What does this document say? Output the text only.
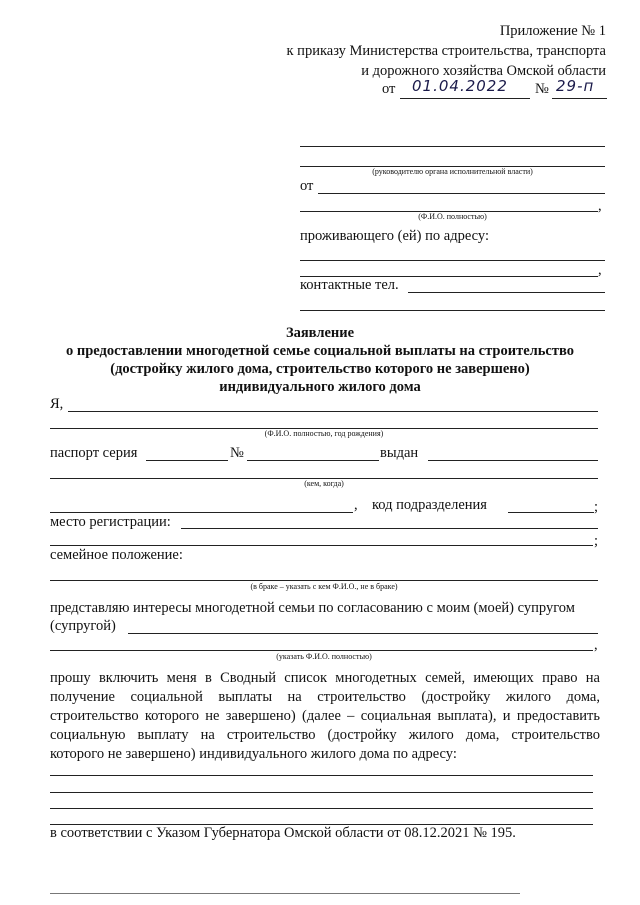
Приложение № 1
к приказу Министерства строительства, транспорта
и дорожного хозяйства Омской области
от 01.04.2022 № 29-п
(руководителю органа исполнительной власти)
от
,
(Ф.И.О. полностью)
проживающего (ей) по адресу:
,
контактные тел.
Заявление
о предоставлении многодетной семье социальной выплаты на строительство
(достройку жилого дома, строительство которого не завершено)
индивидуального жилого дома
Я,
(Ф.И.О. полностью, год рождения)
паспорт серия	№	выдан
(кем, когда)
, код подразделения	;
место регистрации:
;
семейное положение:
(в браке – указать с кем Ф.И.О., не в браке)
представляю интересы многодетной семьи по согласованию с моим (моей) супругом
(супругой)
,
(указать Ф.И.О. полностью)
прошу включить меня в Сводный список многодетных семей, имеющих право на
получение социальной выплаты на строительство (достройку жилого дома,
строительство которого не завершено) (далее – социальная выплата), и предоставить
социальную выплату на строительство (достройку жилого дома, строительство
которого не завершено) индивидуального жилого дома по адресу:
в соответствии с Указом Губернатора Омской области от 08.12.2021 № 195.
